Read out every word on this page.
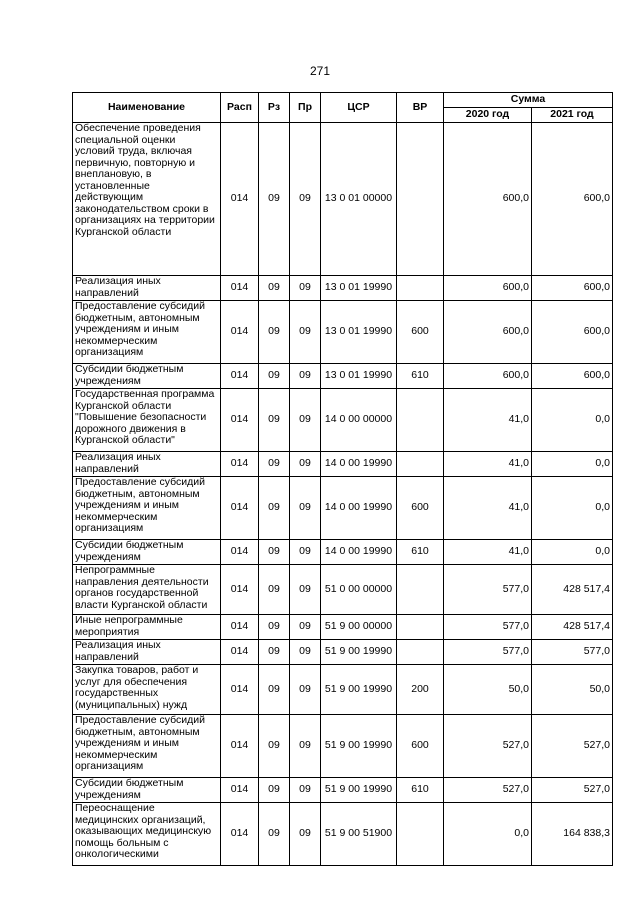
271
Наименование	Расп	Рз	Пр	ЦСР	ВР	Сумма	
						2020 год	2021 год
Обеспечение проведения специальной оценки условий труда, включая первичную, повторную и внеплановую, в установленные действующим законодательством сроки в организациях на территории Курганской области	014	09	09	13 0 01 00000		600,0	600,0
Реализация иных направлений	014	09	09	13 0 01 19990		600,0	600,0
Предоставление субсидий бюджетным, автономным учреждениям и иным некоммерческим организациям	014	09	09	13 0 01 19990	600	600,0	600,0
Субсидии бюджетным учреждениям	014	09	09	13 0 01 19990	610	600,0	600,0
Государственная программа Курганской области "Повышение безопасности дорожного движения в Курганской области"	014	09	09	14 0 00 00000		41,0	0,0
Реализация иных направлений	014	09	09	14 0 00 19990		41,0	0,0
Предоставление субсидий бюджетным, автономным учреждениям и иным некоммерческим организациям	014	09	09	14 0 00 19990	600	41,0	0,0
Субсидии бюджетным учреждениям	014	09	09	14 0 00 19990	610	41,0	0,0
Непрограммные направления деятельности органов государственной власти Курганской области	014	09	09	51 0 00 00000		577,0	428 517,4
Иные непрограммные мероприятия	014	09	09	51 9 00 00000		577,0	428 517,4
Реализация иных направлений	014	09	09	51 9 00 19990		577,0	577,0
Закупка товаров, работ и услуг для обеспечения государственных (муниципальных) нужд	014	09	09	51 9 00 19990	200	50,0	50,0
Предоставление субсидий бюджетным, автономным учреждениям и иным некоммерческим организациям	014	09	09	51 9 00 19990	600	527,0	527,0
Субсидии бюджетным учреждениям	014	09	09	51 9 00 19990	610	527,0	527,0
Переоснащение медицинских организаций, оказывающих медицинскую помощь больным с онкологическими	014	09	09	51 9 00 51900		0,0	164 838,3
